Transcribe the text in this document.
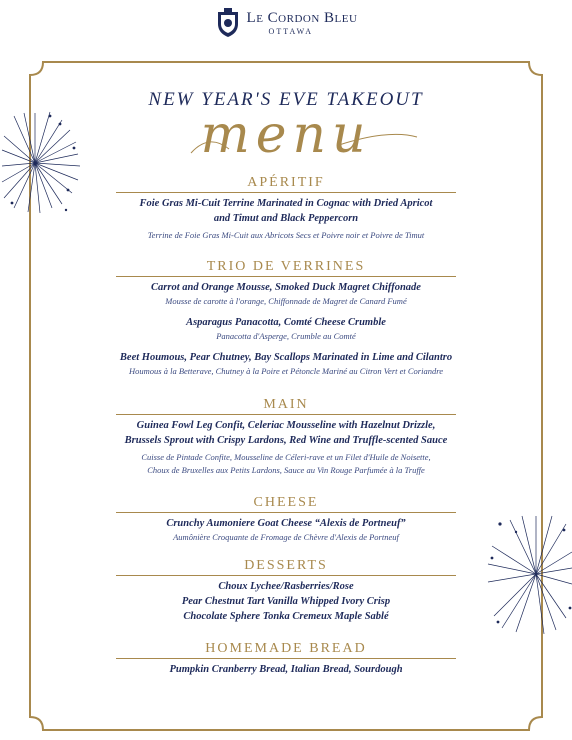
Le Cordon Bleu
OTTAWA
NEW YEAR'S EVE TAKEOUT
menu
APÉRITIF
Foie Gras Mi-Cuit Terrine Marinated in Cognac with Dried Apricot
and Timut and Black Peppercorn
Terrine de Foie Gras Mi-Cuit aux Abricots Secs et Poivre noir et Poivre de Timut
TRIO DE VERRINES
Carrot and Orange Mousse, Smoked Duck Magret Chiffonade
Mousse de carotte à l'orange, Chiffonnade de Magret de Canard Fumé
Asparagus Panacotta, Comté Cheese Crumble
Panacotta d'Asperge, Crumble au Comté
Beet Houmous, Pear Chutney, Bay Scallops Marinated in Lime and Cilantro
Houmous à la Betterave, Chutney à la Poire et Pétoncle Mariné au Citron Vert et Coriandre
MAIN
Guinea Fowl Leg Confit, Celeriac Mousseline with Hazelnut Drizzle,
Brussels Sprout with Crispy Lardons, Red Wine and Truffle-scented Sauce
Cuisse de Pintade Confite, Mousseline de Céleri-rave et un Filet d'Huile de Noisette,
Choux de Bruxelles aux Petits Lardons, Sauce au Vin Rouge Parfumée à la Truffe
CHEESE
Crunchy Aumoniere Goat Cheese “Alexis de Portneuf”
Aumônière Croquante de Fromage de Chèvre d'Alexis de Portneuf
DESSERTS
Choux Lychee/Rasberries/Rose
Pear Chestnut Tart Vanilla Whipped Ivory Crisp
Chocolate Sphere Tonka Cremeux Maple Sablé
HOMEMADE BREAD
Pumpkin Cranberry Bread, Italian Bread, Sourdough
